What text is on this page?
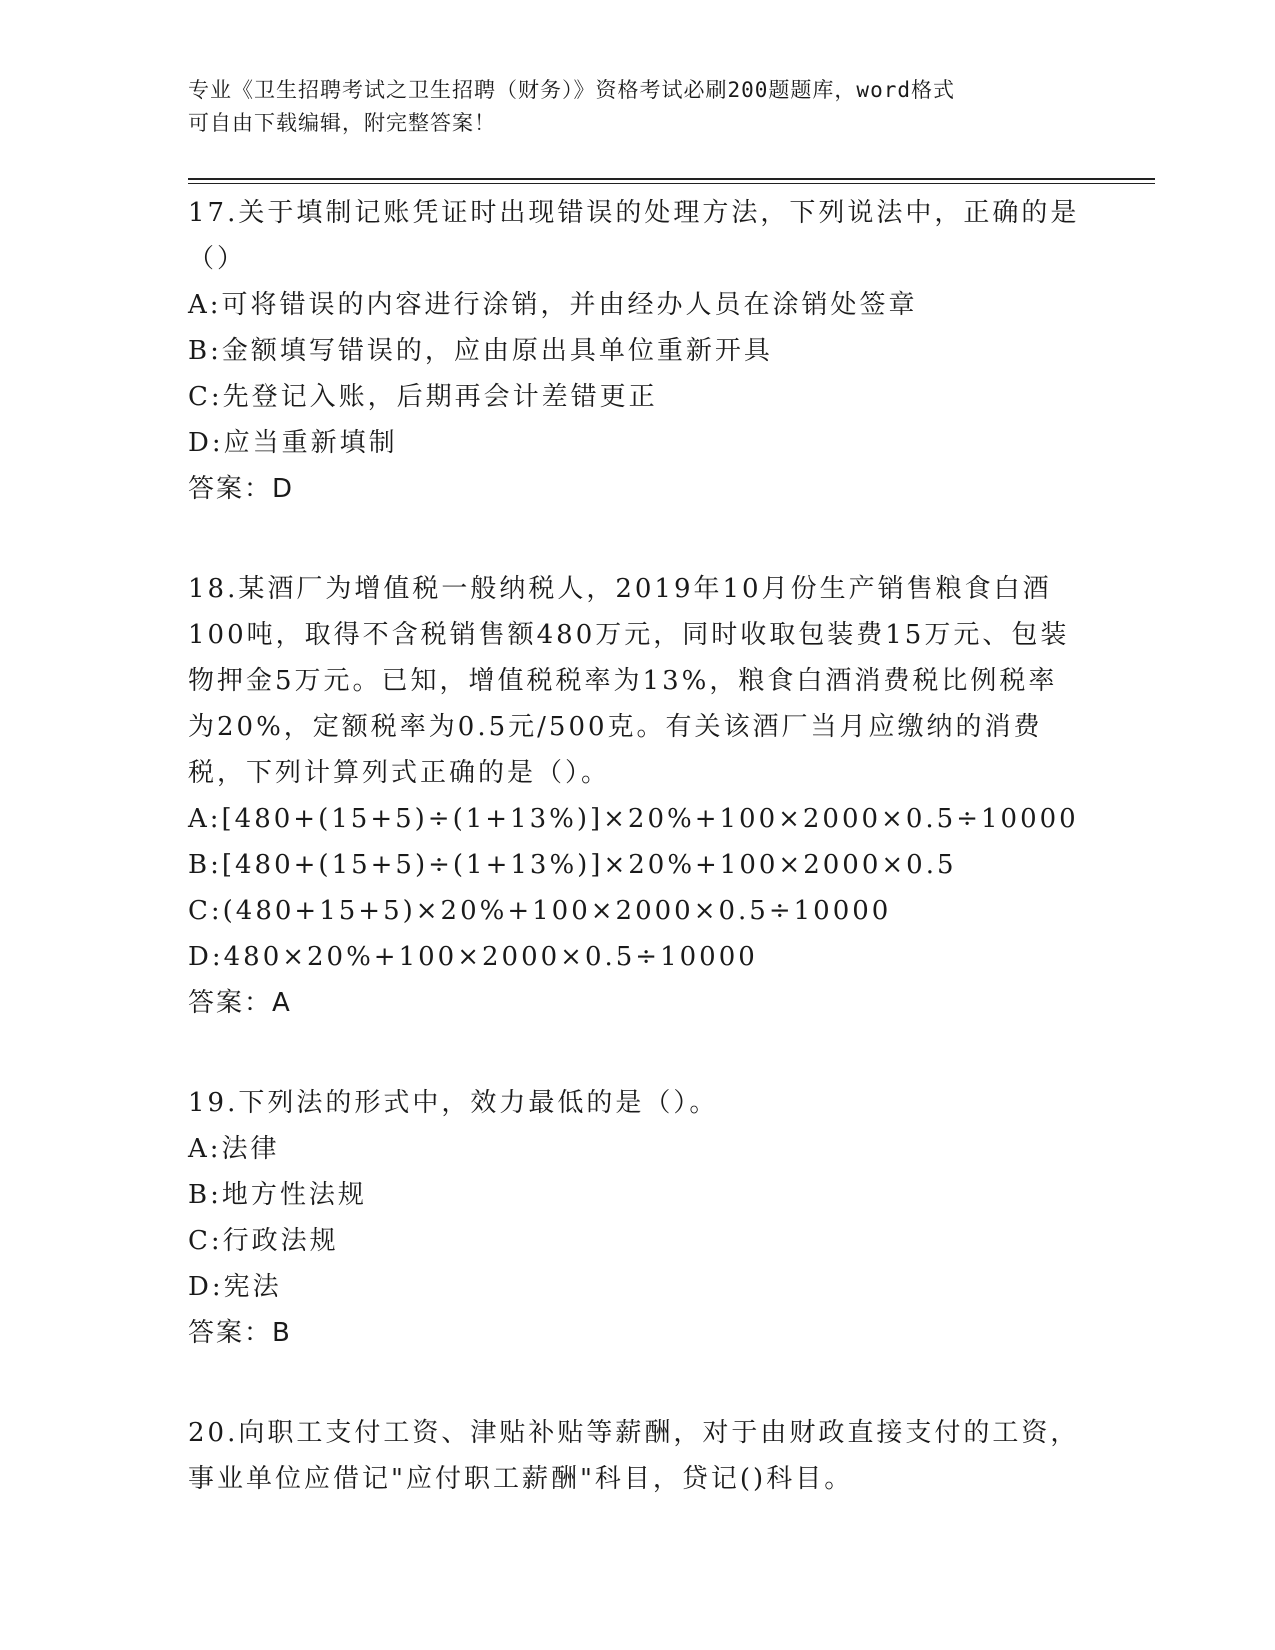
专业《卫生招聘考试之卫生招聘（财务）》资格考试必刷200题题库，word格式
可自由下载编辑，附完整答案！
17.关于填制记账凭证时出现错误的处理方法，下列说法中，正确的是
（）
A:可将错误的内容进行涂销，并由经办人员在涂销处签章
B:金额填写错误的，应由原出具单位重新开具
C:先登记入账，后期再会计差错更正
D:应当重新填制
答案：D
18.某酒厂为增值税一般纳税人，2019年10月份生产销售粮食白酒
100吨，取得不含税销售额480万元，同时收取包装费15万元、包装
物押金5万元。已知，增值税税率为13%，粮食白酒消费税比例税率
为20%，定额税率为0.5元/500克。有关该酒厂当月应缴纳的消费
税，下列计算列式正确的是（）。
A:[480+(15+5)÷(1+13%)]×20%+100×2000×0.5÷10000
B:[480+(15+5)÷(1+13%)]×20%+100×2000×0.5
C:(480+15+5)×20%+100×2000×0.5÷10000
D:480×20%+100×2000×0.5÷10000
答案：A
19.下列法的形式中，效力最低的是（）。
A:法律
B:地方性法规
C:行政法规
D:宪法
答案：B
20.向职工支付工资、津贴补贴等薪酬，对于由财政直接支付的工资，
事业单位应借记"应付职工薪酬"科目，贷记()科目。
